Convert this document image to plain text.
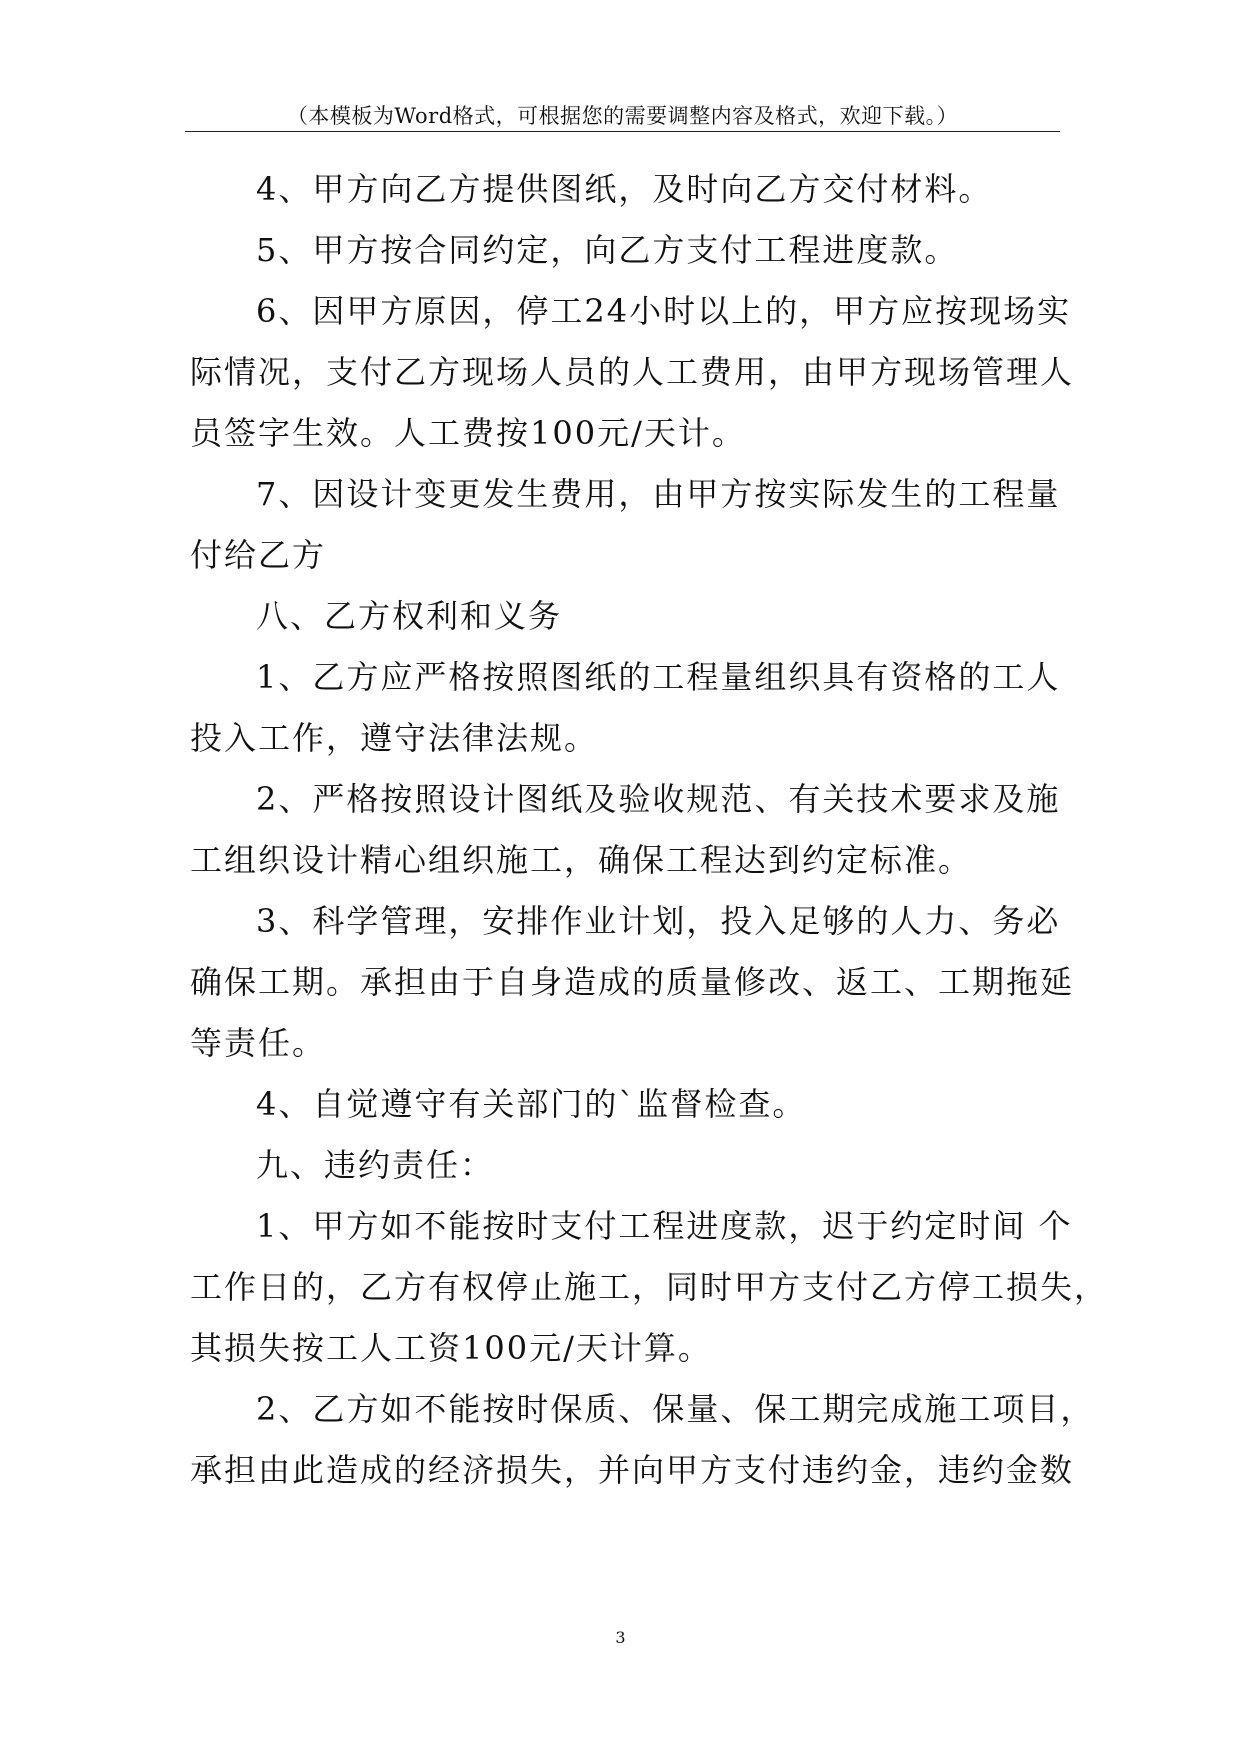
（本模板为Word格式，可根据您的需要调整内容及格式，欢迎下载。）
4、甲方向乙方提供图纸，及时向乙方交付材料。
5、甲方按合同约定，向乙方支付工程进度款。
6、因甲方原因，停工24小时以上的，甲方应按现场实
际情况，支付乙方现场人员的人工费用，由甲方现场管理人
员签字生效。人工费按100元/天计。
7、因设计变更发生费用，由甲方按实际发生的工程量
付给乙方
八、乙方权利和义务
1、乙方应严格按照图纸的工程量组织具有资格的工人
投入工作，遵守法律法规。
2、严格按照设计图纸及验收规范、有关技术要求及施
工组织设计精心组织施工，确保工程达到约定标准。
3、科学管理，安排作业计划，投入足够的人力、务必
确保工期。承担由于自身造成的质量修改、返工、工期拖延
等责任。
4、自觉遵守有关部门的`监督检查。
九、违约责任：
1、甲方如不能按时支付工程进度款，迟于约定时间 个
工作日的，乙方有权停止施工，同时甲方支付乙方停工损失，
其损失按工人工资100元/天计算。
2、乙方如不能按时保质、保量、保工期完成施工项目，
承担由此造成的经济损失，并向甲方支付违约金，违约金数
3
